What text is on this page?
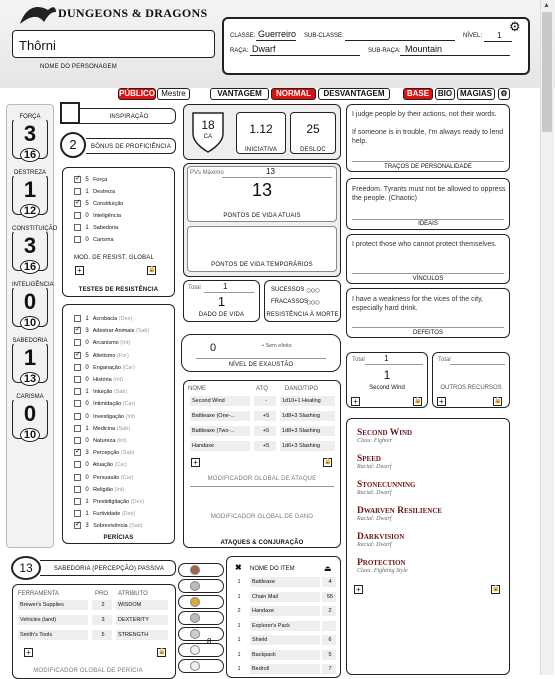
DUNGEONS & DRAGONS
Thôrni
NOME DO PERSONAGEM
CLASSE: Guerreiro SUB-CLASSE:	NÍVEL: 1
⚙
RAÇA: Dwarf	SUB-RAÇA: Mountain
PÚBLICO Mestre	VANTAGEM	NORMAL	DESVANTAGEM	BASE	BIO MAGIAS	⚙
FORÇA
3
16
DESTREZA
1
12
CONSTITUIÇÃO
3
16
INTELIGÊNCIA
0
10
SABEDORIA
1
13
CARISMA
0
10
INSPIRAÇÃO
2	BÔNUS DE PROFICIÊNCIA
✓ 5 Força
1 Destreza
✓ 5 Constituição
0 Inteligência
1 Sabedoria
0 Carisma
MOD. DE RESIST. GLOBAL
+	🔒
TESTES DE RESISTÊNCIA
1 Acrobacia (Des)
✓ 3 Adestrar Animais (Sab)
0 Arcanismo (Int)
✓ 5 Atletismo (For)
0 Enganação (Car)
0 História (Int)
1 Intuição (Sab)
0 Intimidação (Car)
0 Investigação (Int)
1 Medicina (Sab)
0 Natureza (Int)
✓ 3 Percepção (Sab)
0 Atuação (Car)
0 Persuasão (Car)
0 Religião (Int)
1 Prestidigitação (Des)
1 Furtividade (Des)
✓ 3 Sobrevivência (Sab)
PERÍCIAS
13	SABEDORIA (PERCEPÇÃO) PASSIVA
FERRAMENTA	PRO ATRIBUTO
Brewer's Supplies	2	WISDOM
Vehicles (land)	3	DEXTERITY
Smith's Tools	5	STRENGTH
+	🔒
MODIFICADOR GLOBAL DE PERÍCIA
18
CA
1.12
INICIATIVA
25
DESLOC
PVs Máximo	13
13
PONTOS DE VIDA ATUAIS
PONTOS DE VIDA TEMPORÁRIOS
Total	1
1
DADO DE VIDA
SUCESSOS ○○○
FRACASSOS
○○○
RESISTÊNCIA À MORTE
0	• Sem efeito
NÍVEL DE EXAUSTÃO
NOME	ATQ	DANO/TIPO
Second Wind	-	1d10+1 Healing
Battleaxe (One-...	+5	1d8+3 Slashing
Battleaxe (Two-...	+5	1d8+3 Slashing
Handaxe	+5	1d6+3 Slashing
+	🔒
MODIFICADOR GLOBAL DE ATAQUE
MODIFICADOR GLOBAL DE DANO
ATAQUES & CONJURAÇÃO
8
✖ NOME DO ITEM	⏏
1	Battleaxe	4
1	Chain Mail	55
2	Handaxe	2
1	Explorer's Pack
1	Shield	6
1	Backpack	5
1	Bedroll	7
I judge people by their actions, not their words.

If someone is in trouble, I'm always ready to lend help.
TRAÇOS DE PERSONALIDADE
Freedom. Tyrants must not be allowed to oppress the people. (Chaotic)
IDEAIS
I protect those who cannot protect themselves.
VÍNCULOS
I have a weakness for the vices of the city, especially hard drink.
DEFEITOS
Total 1
1
Second Wind
+	🔒
Total
OUTROS RECURSOS
+	🔒
Second Wind
Class: Fighter
Speed
Racial: Dwarf
Stonecunning
Racial: Dwarf
Dwarven Resilience
Racial: Dwarf
Darkvision
Racial: Dwarf
Protection
Class: Fighting Style
+	🔒
▲
